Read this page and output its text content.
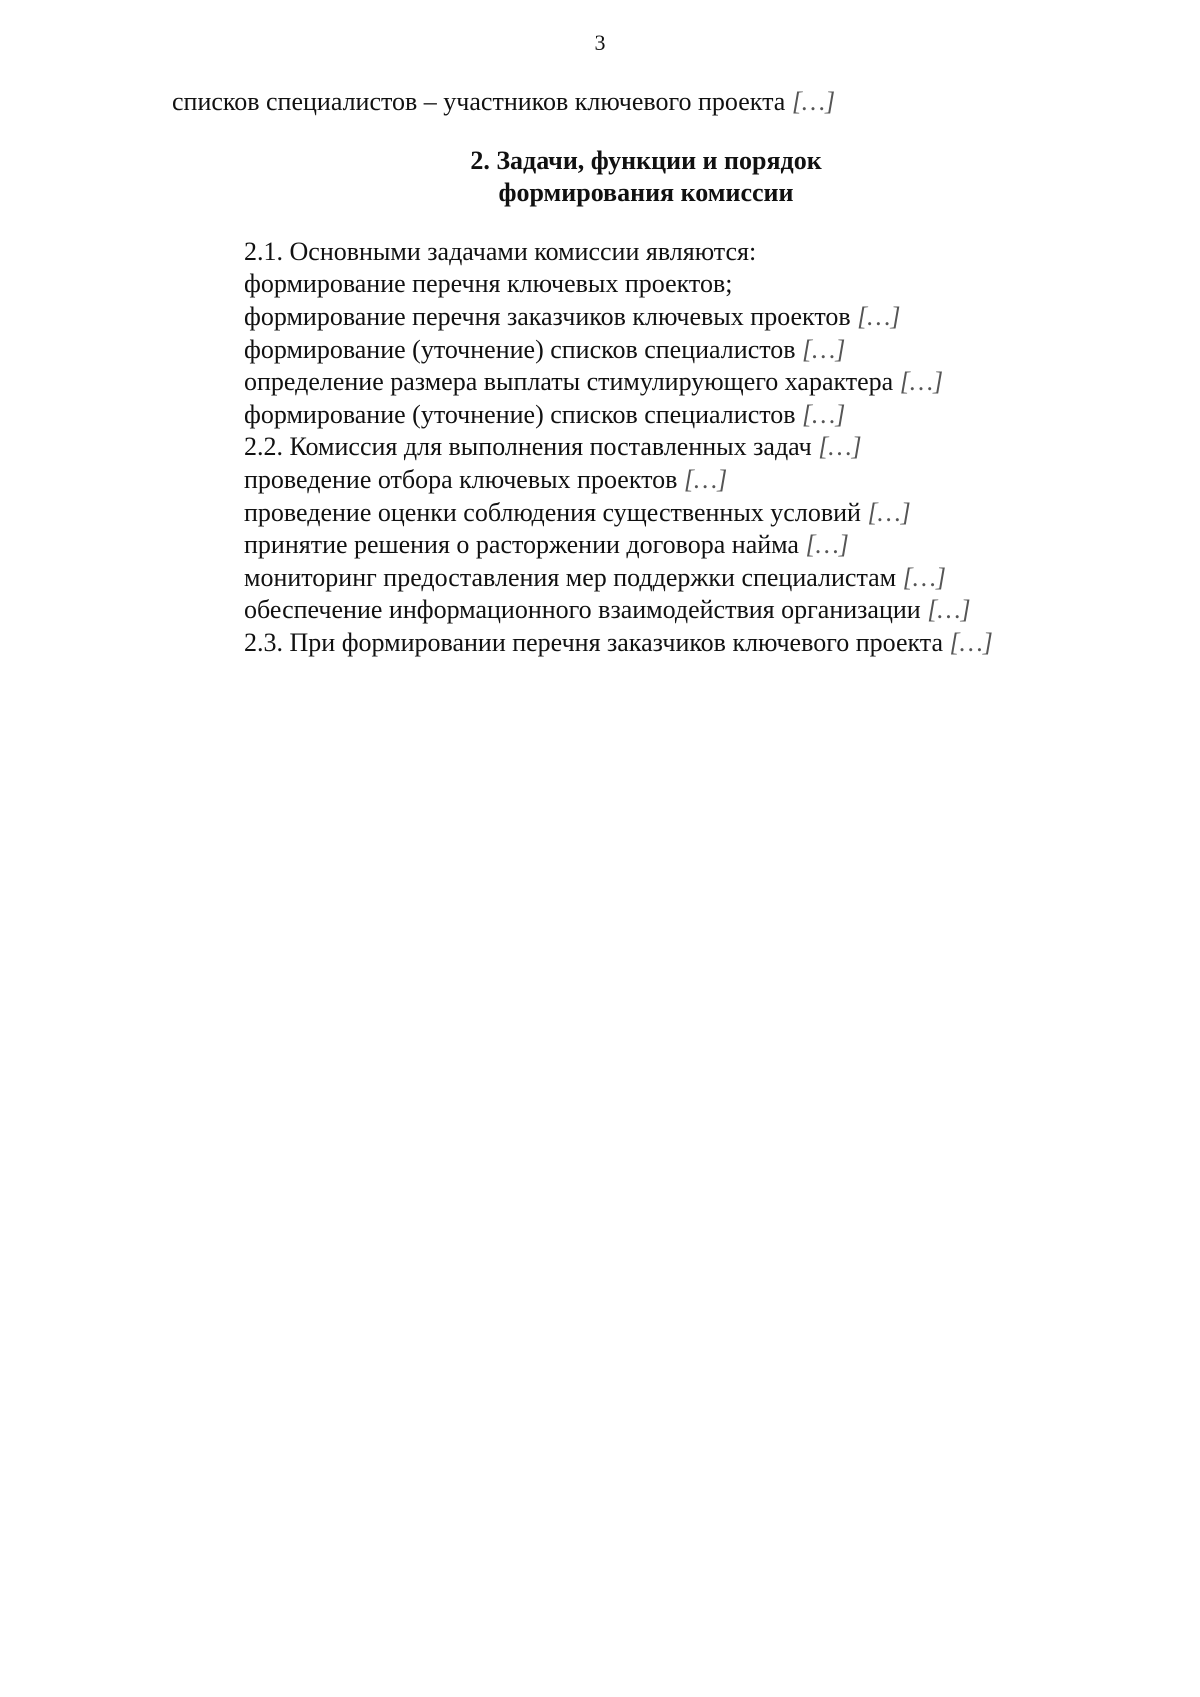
3

списков специалистов – участников ключевого проекта […]

2. Задачи, функции и порядок
формирования комиссии

2.1. Основными задачами комиссии являются:

формирование перечня ключевых проектов;

формирование перечня заказчиков ключевых проектов […]

формирование (уточнение) списков специалистов […]

определение размера выплаты стимулирующего характера […]

формирование (уточнение) списков специалистов […]

2.2. Комиссия для выполнения поставленных задач […]

проведение отбора ключевых проектов […]

проведение оценки соблюдения существенных условий […]

принятие решения о расторжении договора найма […]

мониторинг предоставления мер поддержки специалистам […]

обеспечение информационного взаимодействия организации […]

2.3. При формировании перечня заказчиков ключевого проекта […]
